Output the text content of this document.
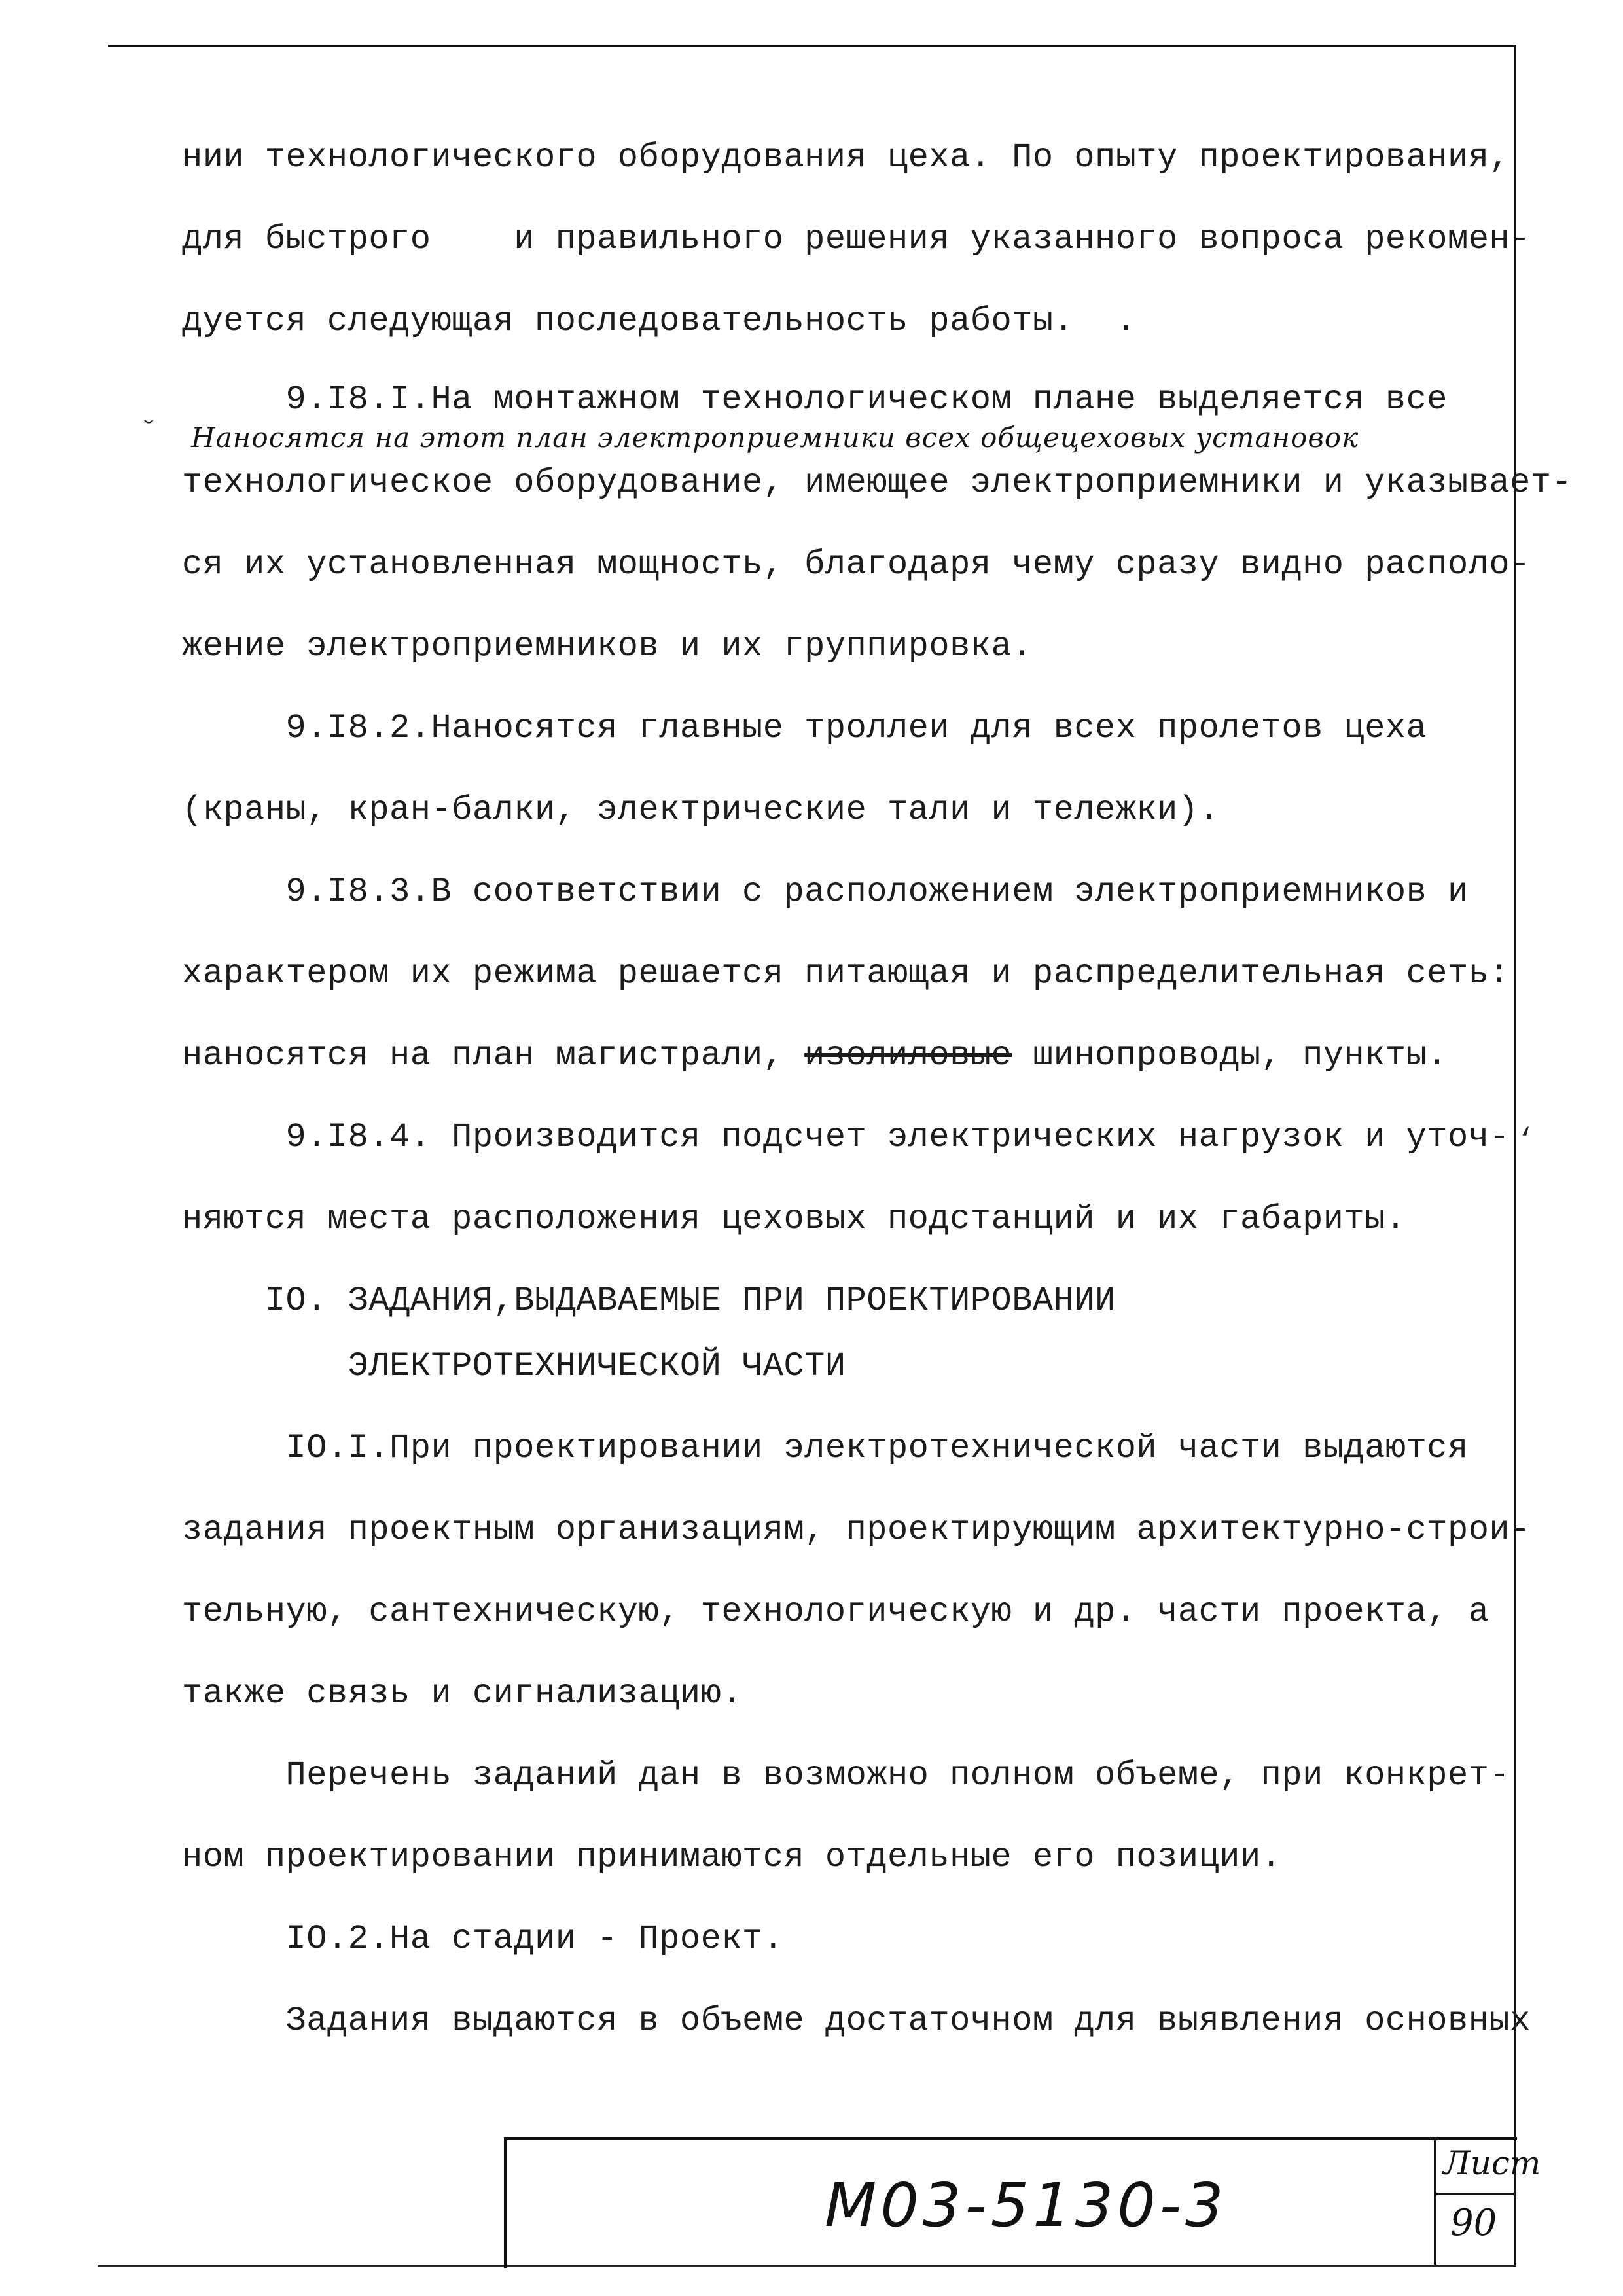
нии технологического оборудования цеха. По опыту проектирования,
для быстрого    и правильного решения указанного вопроса рекомен-
дуется следующая последовательность работы.  .
9.I8.I.На монтажном технологическом плане выделяется все
Наносятся на этот план электроприемники всех общецеховых установок
технологическое оборудование, имеющее электроприемники и указывает-
ся их установленная мощность, благодаря чему сразу видно располо-
жение электроприемников и их группировка.
9.I8.2.Наносятся главные троллеи для всех пролетов цеха
(краны, кран-балки, электрические тали и тележки).
9.I8.3.В соответствии с расположением электроприемников и
характером их режима решается питающая и распределительная сеть:
наносятся на план магистрали, изолиловые шинопроводы, пункты.
9.I8.4. Производится подсчет электрических нагрузок и уточ-
няются места расположения цеховых подстанций и их габариты.
IO. ЗАДАНИЯ,ВЫДАВАЕМЫЕ ПРИ ПРОЕКТИРОВАНИИ
ЭЛЕКТРОТЕХНИЧЕСКОЙ ЧАСТИ
IO.I.При проектировании электротехнической части выдаются
задания проектным организациям, проектирующим архитектурно-строи-
тельную, сантехническую, технологическую и др. части проекта, а
также связь и сигнализацию.
Перечень заданий дан в возможно полном объеме, при конкрет-
ном проектировании принимаются отдельные его позиции.
IO.2.На стадии - Проект.
Задания выдаются в объеме достаточном для выявления основных
ˇ
‘
М03-5130-3
Лист
90
